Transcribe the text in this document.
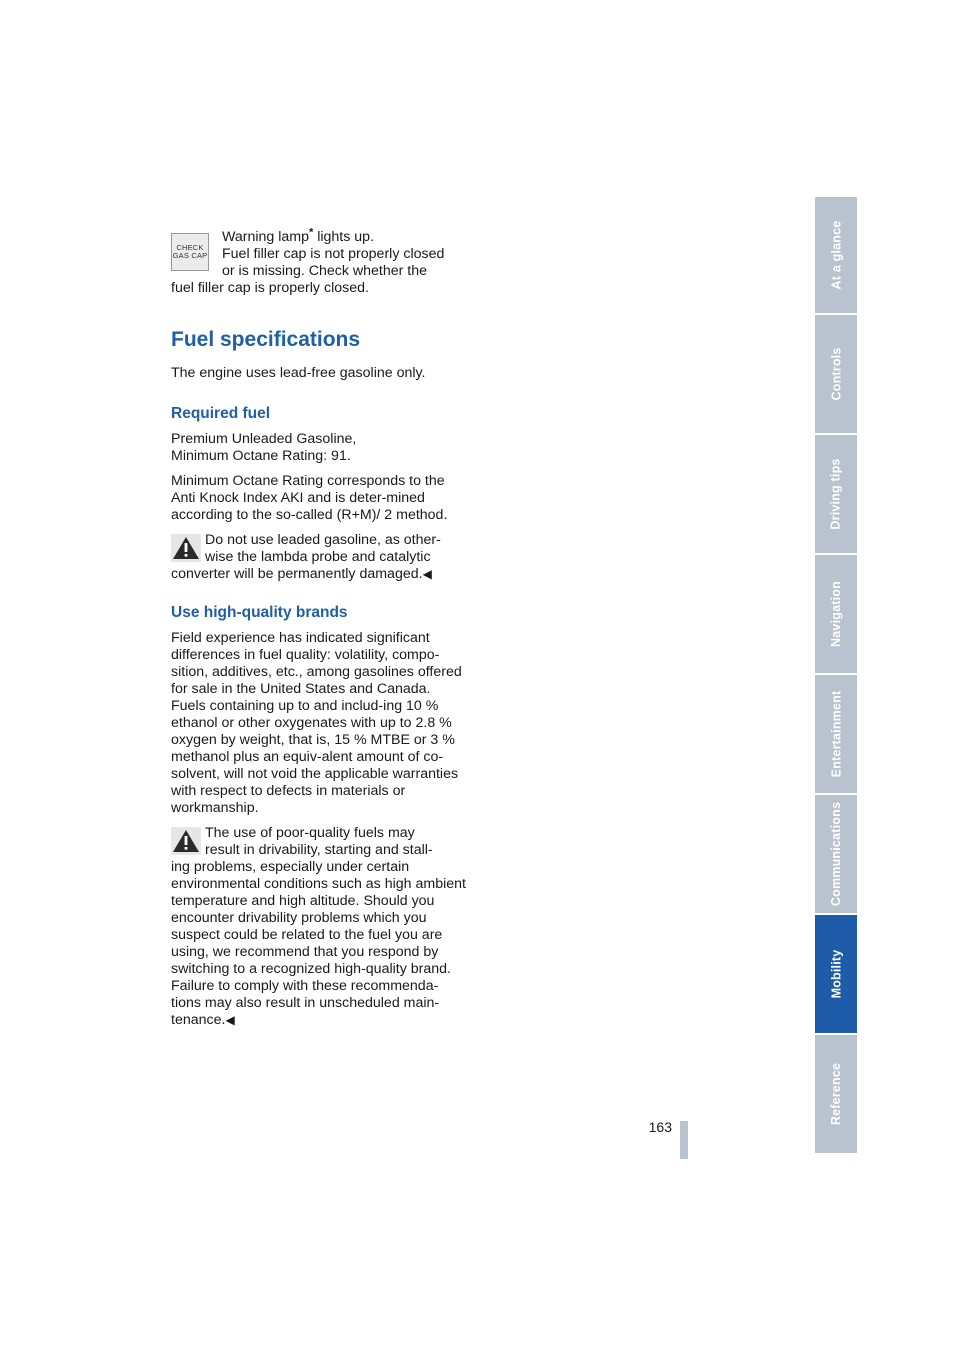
CHECK
GAS CAP
Warning lamp* lights up.
Fuel filler cap is not properly closed
or is missing. Check whether the
fuel filler cap is properly closed.
Fuel specifications

The engine uses lead-free gasoline only.

Required fuel

Premium Unleaded Gasoline,
Minimum Octane Rating: 91.

Minimum Octane Rating corresponds to the Anti Knock Index AKI and is deter-mined according to the so-called (R+M)/ 2 method.

Do not use leaded gasoline, as other-
wise the lambda probe and catalytic
converter will be permanently damaged.◀
Use high-quality brands

Field experience has indicated significant differences in fuel quality: volatility, compo-sition, additives, etc., among gasolines offered for sale in the United States and Canada. Fuels containing up to and includ-ing 10 % ethanol or other oxygenates with up to 2.8 % oxygen by weight, that is, 15 % MTBE or 3 % methanol plus an equiv-alent amount of co-solvent, will not void the applicable warranties with respect to defects in materials or workmanship.

The use of poor-quality fuels may
result in drivability, starting and stall-
ing problems, especially under certain environmental conditions such as high ambient temperature and high altitude. Should you encounter drivability problems which you suspect could be related to the fuel you are using, we recommend that you respond by switching to a recognized high-quality brand.
Failure to comply with these recommenda-tions may also result in unscheduled main-tenance.◀
At a glance
Controls
Driving tips
Navigation
Entertainment
Communications
Mobility
Reference
163
